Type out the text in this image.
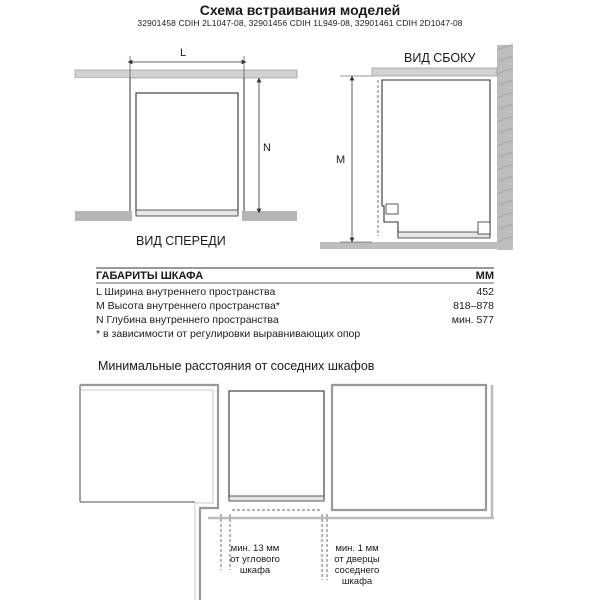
Схема встраивания моделей
32901458 CDIH 2L1047-08, 32901456 CDIH 1L949-08, 32901461 CDIH 2D1047-08
L
N
M
ВИД СПЕРЕДИ
ВИД СБОКУ
ГАБАРИТЫ ШКАФА	ММ
L Ширина внутреннего пространства	452
M Высота внутреннего пространства*	818–878
N Глубина внутреннего пространства	мин. 577
* в зависимости от регулировки выравнивающих опор
Минимальные расстояния от соседних шкафов
мин. 13 мм
от углового
шкафа
мин. 1 мм
от дверцы
соседнего
шкафа
